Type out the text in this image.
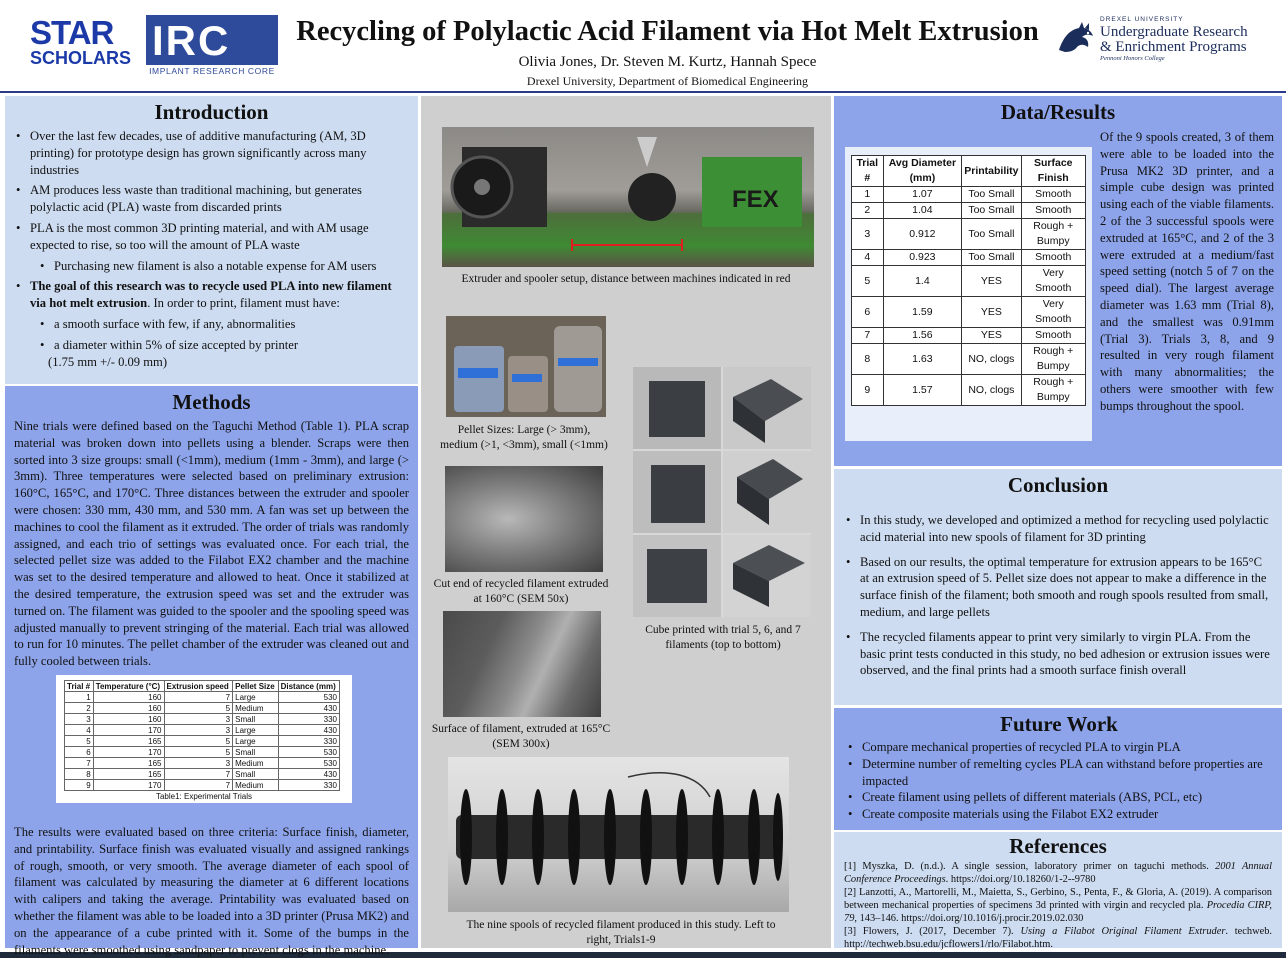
STAR
SCHOLARS IRC
IMPLANT RESEARCH CORE
Recycling of Polylactic Acid Filament via Hot Melt Extrusion
Olivia Jones, Dr. Steven M. Kurtz, Hannah Spece
Drexel University, Department of Biomedical Engineering
DREXEL UNIVERSITY
Undergraduate Research
& Enrichment Programs
Pennoni Honors College
Introduction
• Over the last few decades, use of additive manufacturing (AM, 3D printing) for prototype design has grown significantly across many industries
• AM produces less waste than traditional machining, but generates polylactic acid (PLA) waste from discarded prints
• PLA is the most common 3D printing material, and with AM usage expected to rise, so too will the amount of PLA waste
• Purchasing new filament is also a notable expense for AM users
• The goal of this research was to recycle used PLA into new filament via hot melt extrusion. In order to print, filament must have:
• a smooth surface with few, if any, abnormalities
• a diameter within 5% of size accepted by printer
(1.75 mm +/- 0.09 mm)
Methods
Nine trials were defined based on the Taguchi Method (Table 1). PLA scrap material was broken down into pellets using a blender. Scraps were then sorted into 3 size groups: small (<1mm), medium (1mm - 3mm), and large (> 3mm). Three temperatures were selected based on preliminary extrusion: 160°C, 165°C, and 170°C. Three distances between the extruder and spooler were chosen: 330 mm, 430 mm, and 530 mm. A fan was set up between the machines to cool the filament as it extruded. The order of trials was randomly assigned, and each trio of settings was evaluated once. For each trial, the selected pellet size was added to the Filabot EX2 chamber and the machine was set to the desired temperature and allowed to heat. Once it stabilized at the desired temperature, the extrusion speed was set and the extruder was turned on. The filament was guided to the spooler and the spooling speed was adjusted manually to prevent stringing of the material. Each trial was allowed to run for 10 minutes. The pellet chamber of the extruder was cleaned out and fully cooled between trials.
Trial #	Temperature (°C)	Extrusion speed	Pellet Size	Distance (mm)
1	160	7	Large	530
2	160	5	Medium	430
3	160	3	Small	330
4	170	3	Large	430
5	165	5	Large	330
6	170	5	Small	530
7	165	3	Medium	530
8	165	7	Small	430
9	170	7	Medium	330
Table1: Experimental Trials
The results were evaluated based on three criteria: Surface finish, diameter, and printability. Surface finish was evaluated visually and assigned rankings of rough, smooth, or very smooth. The average diameter of each spool of filament was calculated by measuring the diameter at 6 different locations with calipers and taking the average. Printability was evaluated based on whether the filament was able to be loaded into a 3D printer (Prusa MK2) and on the appearance of a cube printed with it. Some of the bumps in the filaments were smoothed using sandpaper to prevent clogs in the machine.
FEX
Extruder and spooler setup, distance between machines indicated in red
Pellet Sizes: Large (> 3mm), medium (>1, <3mm), small (<1mm)
Cut end of recycled filament extruded at 160°C (SEM 50x)
Surface of filament, extruded at 165°C (SEM 300x)
Cube printed with trial 5, 6, and 7 filaments (top to bottom)
The nine spools of recycled filament produced in this study. Left to right, Trials1-9
Data/Results
Trial #	Avg Diameter (mm)	Printability	Surface Finish
1	1.07	Too Small	Smooth
2	1.04	Too Small	Smooth
3	0.912	Too Small	Rough + Bumpy
4	0.923	Too Small	Smooth
5	1.4	YES	Very Smooth
6	1.59	YES	Very Smooth
7	1.56	YES	Smooth
8	1.63	NO, clogs	Rough + Bumpy
9	1.57	NO, clogs	Rough + Bumpy
Of the 9 spools created, 3 of them were able to be loaded into the Prusa MK2 3D printer, and a simple cube design was printed using each of the viable filaments. 2 of the 3 successful spools were extruded at 165°C, and 2 of the 3 were extruded at a medium/fast speed setting (notch 5 of 7 on the speed dial). The largest average diameter was 1.63 mm (Trial 8), and the smallest was 0.91mm (Trial 3). Trials 3, 8, and 9 resulted in very rough filament with many abnormalities; the others were smoother with few bumps throughout the spool.
Conclusion
• In this study, we developed and optimized a method for recycling used polylactic acid material into new spools of filament for 3D printing
• Based on our results, the optimal temperature for extrusion appears to be 165°C at an extrusion speed of 5. Pellet size does not appear to make a difference in the surface finish of the filament; both smooth and rough spools resulted from small, medium, and large pellets
• The recycled filaments appear to print very similarly to virgin PLA. From the basic print tests conducted in this study, no bed adhesion or extrusion issues were observed, and the final prints had a smooth surface finish overall
Future Work
• Compare mechanical properties of recycled PLA to virgin PLA
• Determine number of remelting cycles PLA can withstand before properties are impacted
• Create filament using pellets of different materials (ABS, PCL, etc)
• Create composite materials using the Filabot EX2 extruder
References
[1] Myszka, D. (n.d.). A single session, laboratory primer on taguchi methods. 2001 Annual Conference Proceedings. https://doi.org/10.18260/1-2--9780
[2] Lanzotti, A., Martorelli, M., Maietta, S., Gerbino, S., Penta, F., & Gloria, A. (2019). A comparison between mechanical properties of specimens 3d printed with virgin and recycled pla. Procedia CIRP, 79, 143–146. https://doi.org/10.1016/j.procir.2019.02.030
[3] Flowers, J. (2017, December 7). Using a Filabot Original Filament Extruder. techweb. http://techweb.bsu.edu/jcflowers1/rlo/Filabot.htm.
